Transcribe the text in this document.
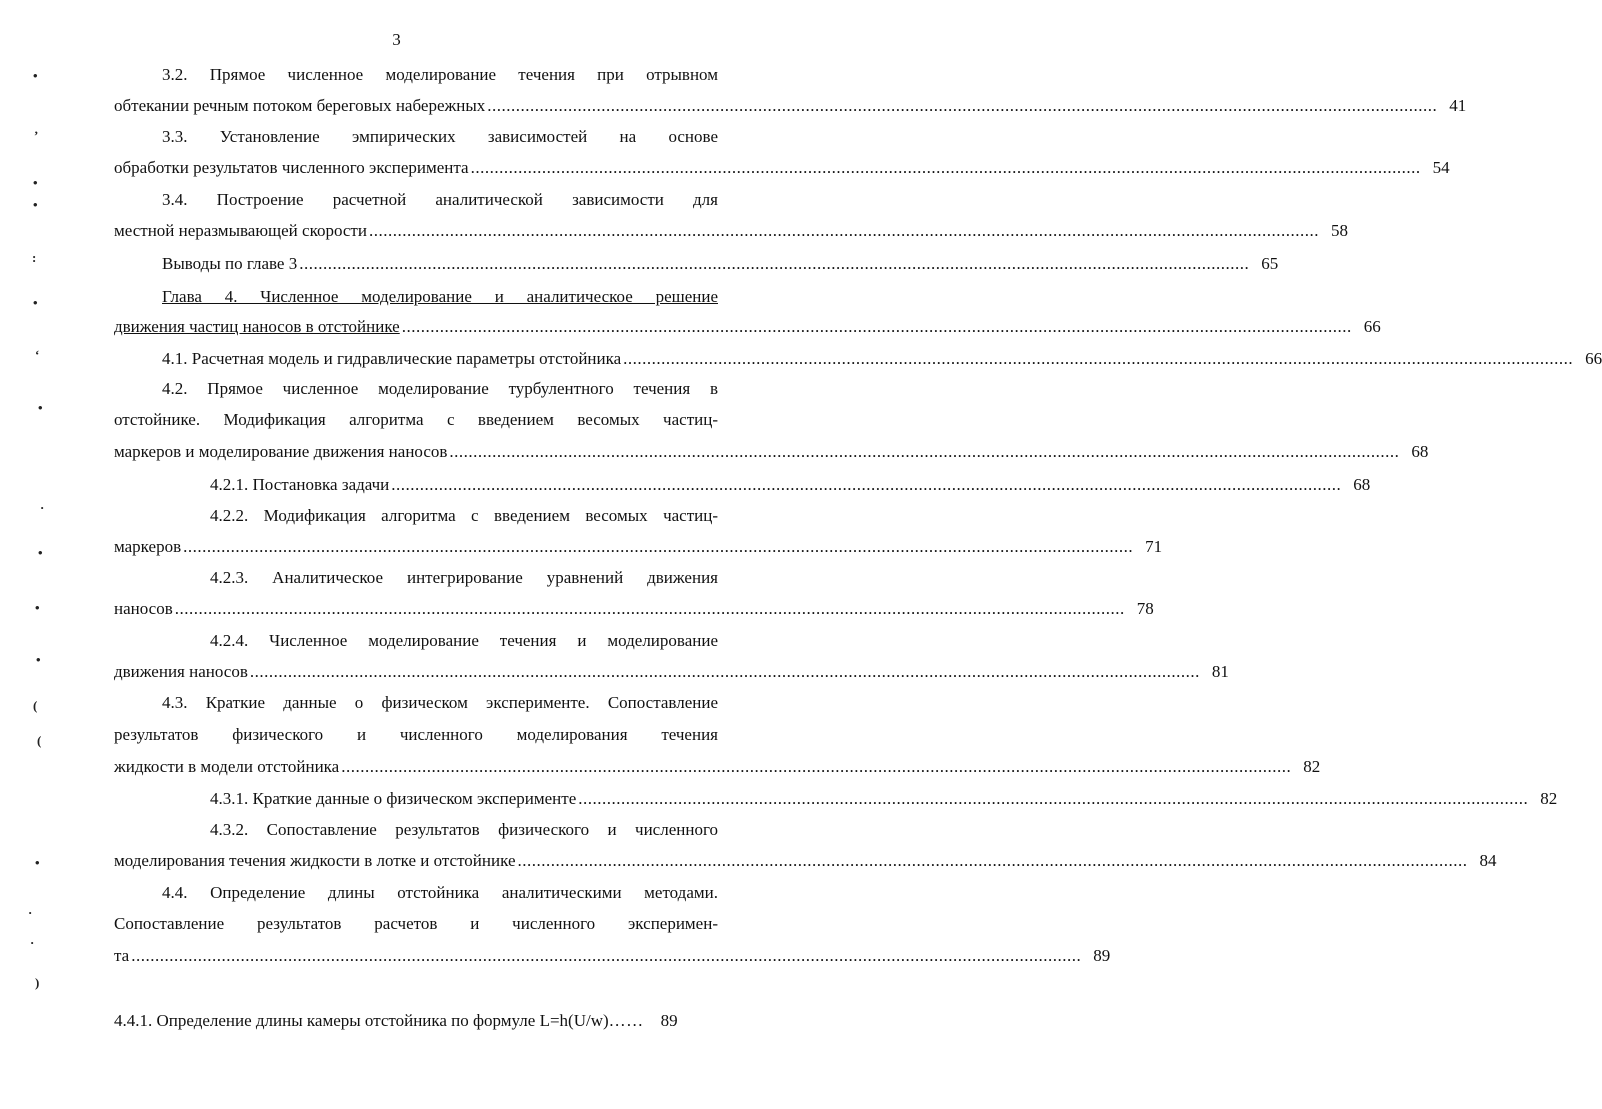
3
3.2. Прямое численное моделирование течения при отрывном
обтекании речным потоком береговых набережных ........................................................................................................................................................................................................ 41
3.3. Установление эмпирических зависимостей на основе
обработки результатов численного эксперимента ........................................................................................................................................................................................................ 54
3.4. Построение расчетной аналитической зависимости для
местной неразмывающей скорости ........................................................................................................................................................................................................ 58
Выводы по главе 3 ........................................................................................................................................................................................................ 65
Глава 4. Численное моделирование и аналитическое решение
движения частиц наносов в отстойнике ........................................................................................................................................................................................................ 66
4.1. Расчетная модель и гидравлические параметры отстойника ........................................................................................................................................................................................................ 66
4.2. Прямое численное моделирование турбулентного течения в
отстойнике. Модификация алгоритма с введением весомых частиц-
маркеров и моделирование движения наносов ........................................................................................................................................................................................................ 68
4.2.1. Постановка задачи ........................................................................................................................................................................................................ 68
4.2.2. Модификация алгоритма с введением весомых частиц-
маркеров ........................................................................................................................................................................................................ 71
4.2.3. Аналитическое интегрирование уравнений движения
наносов ........................................................................................................................................................................................................ 78
4.2.4. Численное моделирование течения и моделирование
движения наносов ........................................................................................................................................................................................................ 81
4.3. Краткие данные о физическом эксперименте. Сопоставление
результатов физического и численного моделирования течения
жидкости в модели отстойника ........................................................................................................................................................................................................ 82
4.3.1. Краткие данные о физическом эксперименте ........................................................................................................................................................................................................ 82
4.3.2. Сопоставление результатов физического и численного
моделирования течения жидкости в лотке и отстойнике ........................................................................................................................................................................................................ 84
4.4. Определение длины отстойника аналитическими методами.
Сопоставление результатов расчетов и численного эксперимен-
та ........................................................................................................................................................................................................ 89
4.4.1. Определение длины камеры отстойника по формуле L=h(U/w) ……	89
•
ʼ
•
•
:
•
ʻ
•
·
•
•
•
(
(
•
·
·
)
